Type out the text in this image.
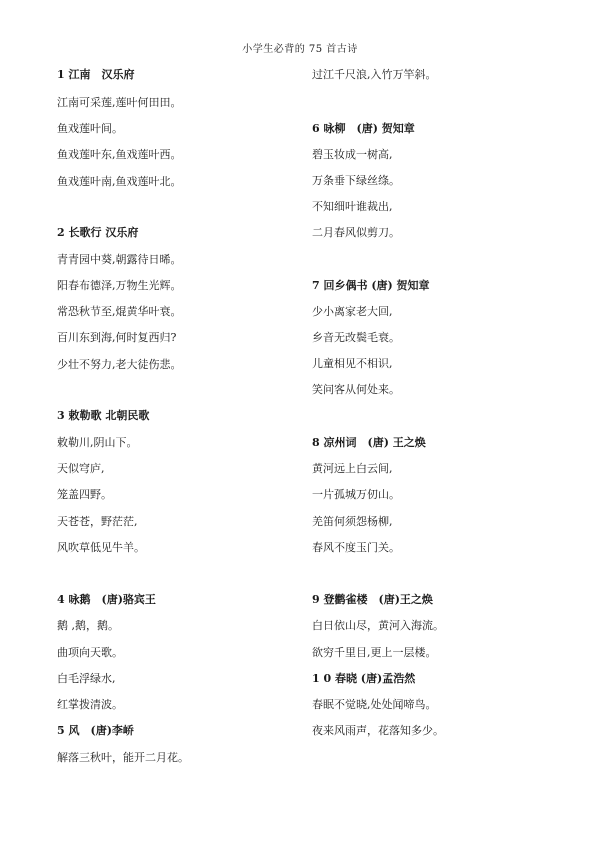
小学生必背的 75 首古诗
1 江南　汉乐府
江南可采莲,莲叶何田田。
鱼戏莲叶间。
鱼戏莲叶东,鱼戏莲叶西。
鱼戏莲叶南,鱼戏莲叶北。
2 长歌行 汉乐府
青青园中葵,朝露待日晞。
阳春布德泽,万物生光辉。
常恐秋节至,焜黄华叶衰。
百川东到海,何时复西归?
少壮不努力,老大徒伤悲。
3 敕勒歌 北朝民歌
敕勒川,阴山下。
天似穹庐,
笼盖四野。
天苍苍，野茫茫,
风吹草低见牛羊。
4 咏鹅　(唐)骆宾王
鹅 ,鹅，鹅。
曲项向天歌。
白毛浮绿水,
红掌拨清波。
5 风　(唐)李峤
解落三秋叶，能开二月花。
过江千尺浪,入竹万竿斜。
6 咏柳　(唐) 贺知章
碧玉妆成一树高,
万条垂下绿丝绦。
不知细叶谁裁出,
二月春风似剪刀。
7 回乡偶书 (唐) 贺知章
少小离家老大回,
乡音无改鬓毛衰。
儿童相见不相识,
笑问客从何处来。
8 凉州词　(唐) 王之焕
黄河远上白云间,
一片孤城万仞山。
羌笛何须怨杨柳,
春风不度玉门关。
9 登鹳雀楼　(唐)王之焕
白日依山尽，黄河入海流。
欲穷千里目,更上一层楼。
1 0 春晓 (唐)孟浩然
春眠不觉晓,处处闻啼鸟。
夜来风雨声，花落知多少。
